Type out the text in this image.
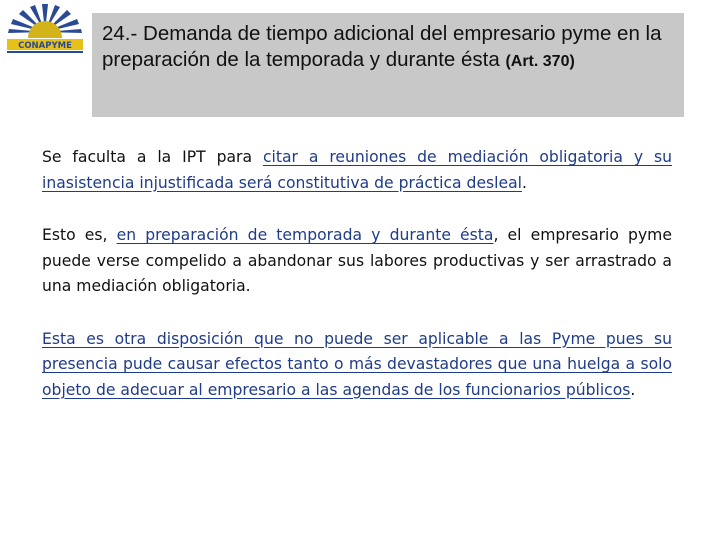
CONAPYME
24.- Demanda de tiempo adicional del empresario pyme en la preparación de la temporada y durante ésta (Art. 370)

Se faculta a la IPT para citar a reuniones de mediación obligatoria y su inasistencia injustificada será constitutiva de práctica desleal.

Esto es, en preparación de temporada y durante ésta, el empresario pyme puede verse compelido a abandonar sus labores productivas y ser arrastrado a una mediación obligatoria.

Esta es otra disposición que no puede ser aplicable a las Pyme pues su presencia pude causar efectos tanto o más devastadores que una huelga a solo objeto de adecuar al empresario a las agendas de los funcionarios públicos.
